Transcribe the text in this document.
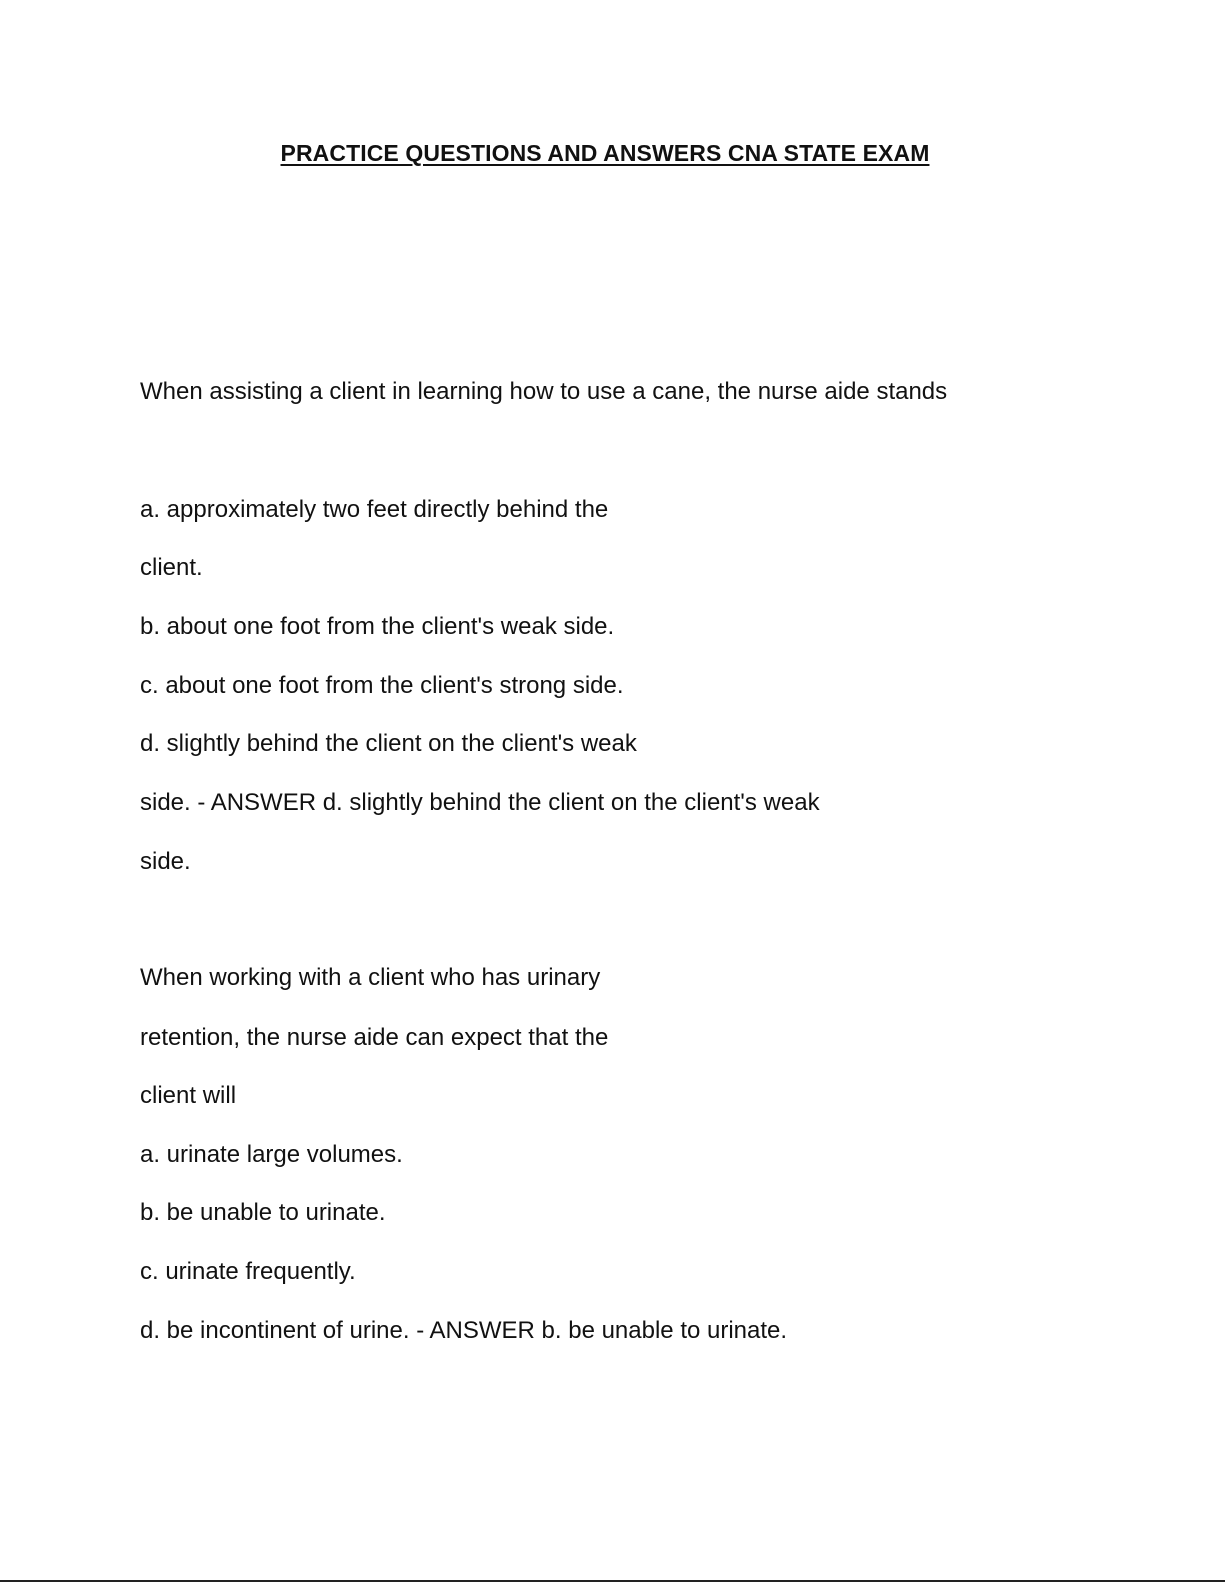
PRACTICE QUESTIONS AND ANSWERS CNA STATE EXAM
When assisting a client in learning how to use a cane, the nurse aide stands
a. approximately two feet directly behind the
client.
b. about one foot from the client's weak side.
c. about one foot from the client's strong side.
d. slightly behind the client on the client's weak
side. - ANSWER d. slightly behind the client on the client's weak
side.
When working with a client who has urinary
retention, the nurse aide can expect that the
client will
a. urinate large volumes.
b. be unable to urinate.
c. urinate frequently.
d. be incontinent of urine. - ANSWER b. be unable to urinate.
